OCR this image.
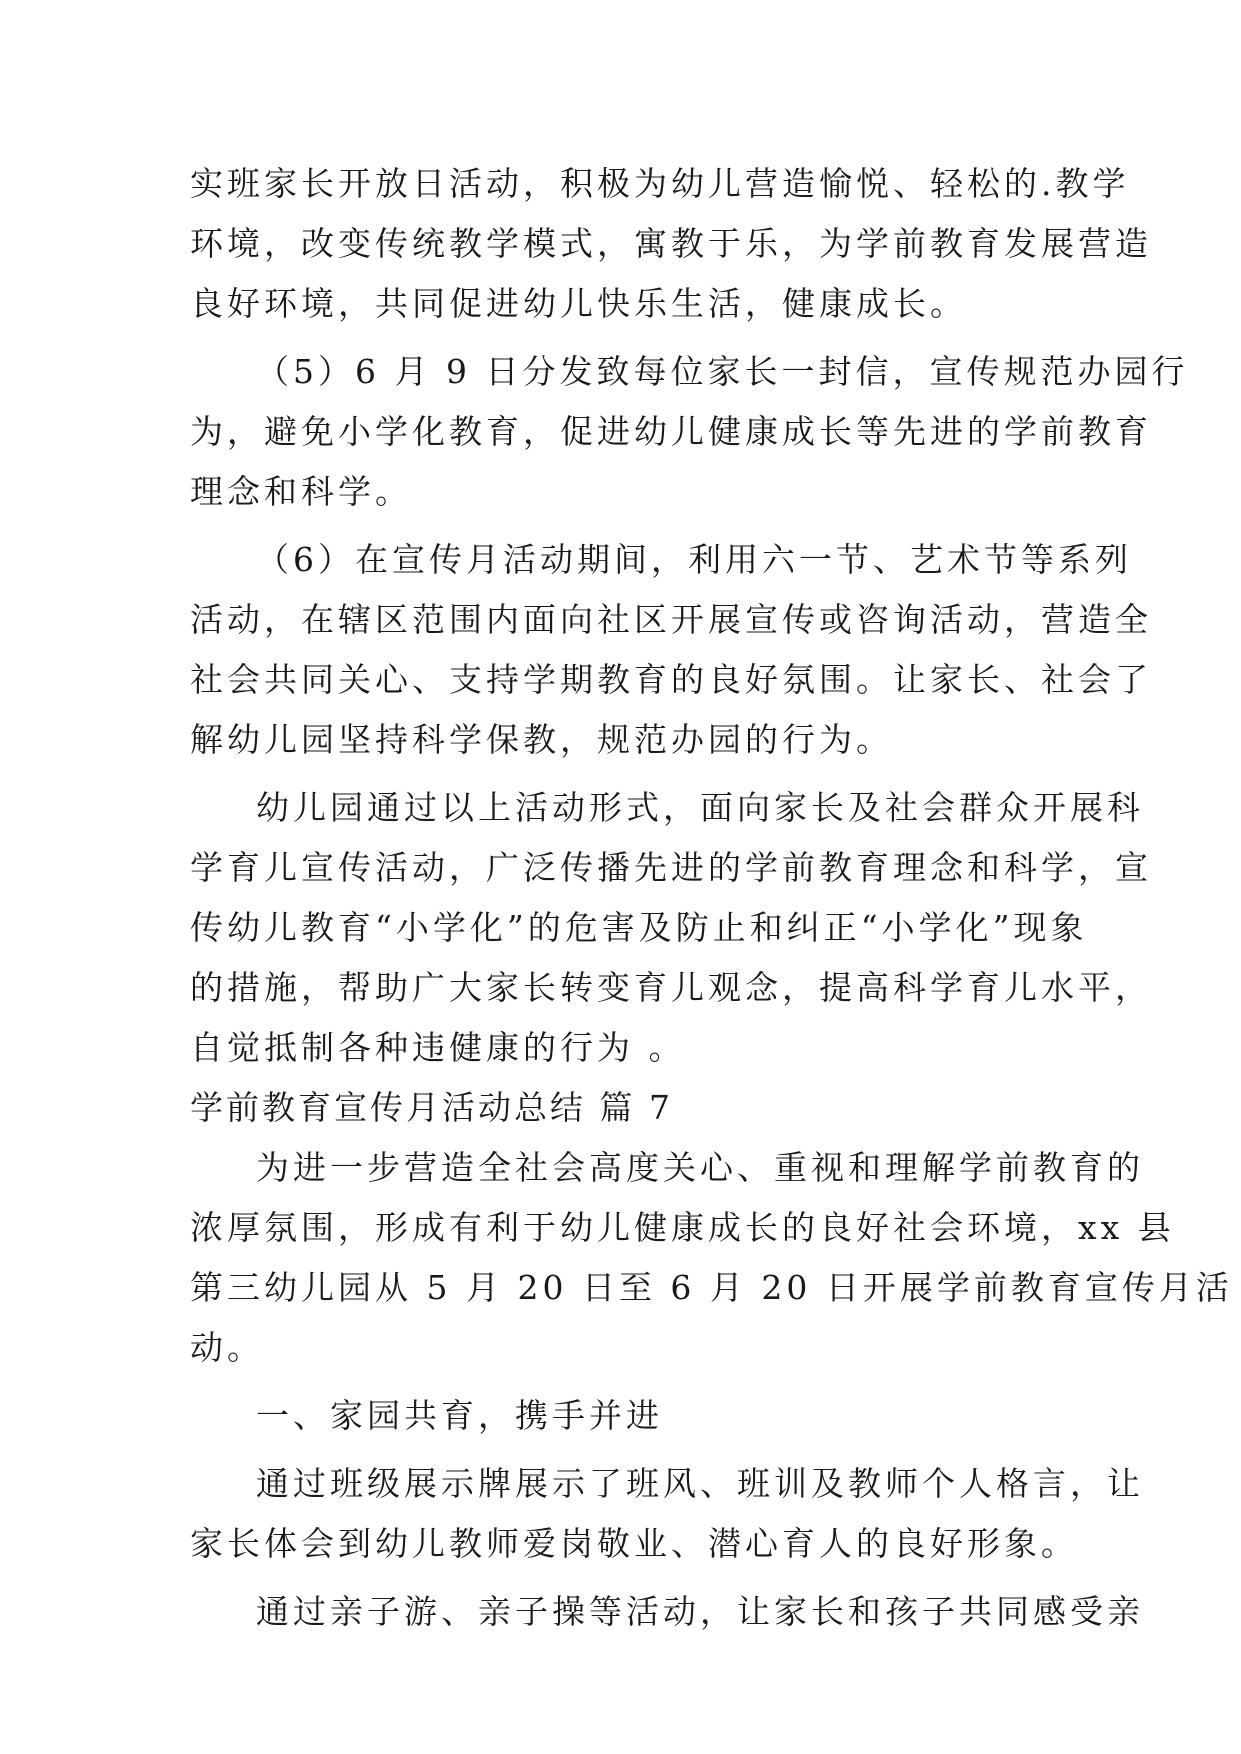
实班家长开放日活动，积极为幼儿营造愉悦、轻松的.教学
环境，改变传统教学模式，寓教于乐，为学前教育发展营造
良好环境，共同促进幼儿快乐生活，健康成长。
（5）6 月 9 日分发致每位家长一封信，宣传规范办园行
为，避免小学化教育，促进幼儿健康成长等先进的学前教育
理念和科学。
（6）在宣传月活动期间，利用六一节、艺术节等系列
活动，在辖区范围内面向社区开展宣传或咨询活动，营造全
社会共同关心、支持学期教育的良好氛围。让家长、社会了
解幼儿园坚持科学保教，规范办园的行为。
幼儿园通过以上活动形式，面向家长及社会群众开展科
学育儿宣传活动，广泛传播先进的学前教育理念和科学，宣
传幼儿教育“小学化”的危害及防止和纠正“小学化”现象
的措施，帮助广大家长转变育儿观念，提高科学育儿水平，
自觉抵制各种违健康的行为 。
学前教育宣传月活动总结 篇 7
为进一步营造全社会高度关心、重视和理解学前教育的
浓厚氛围，形成有利于幼儿健康成长的良好社会环境，xx 县
第三幼儿园从 5 月 20 日至 6 月 20 日开展学前教育宣传月活
动。
一、家园共育，携手并进
通过班级展示牌展示了班风、班训及教师个人格言，让
家长体会到幼儿教师爱岗敬业、潜心育人的良好形象。
通过亲子游、亲子操等活动，让家长和孩子共同感受亲
